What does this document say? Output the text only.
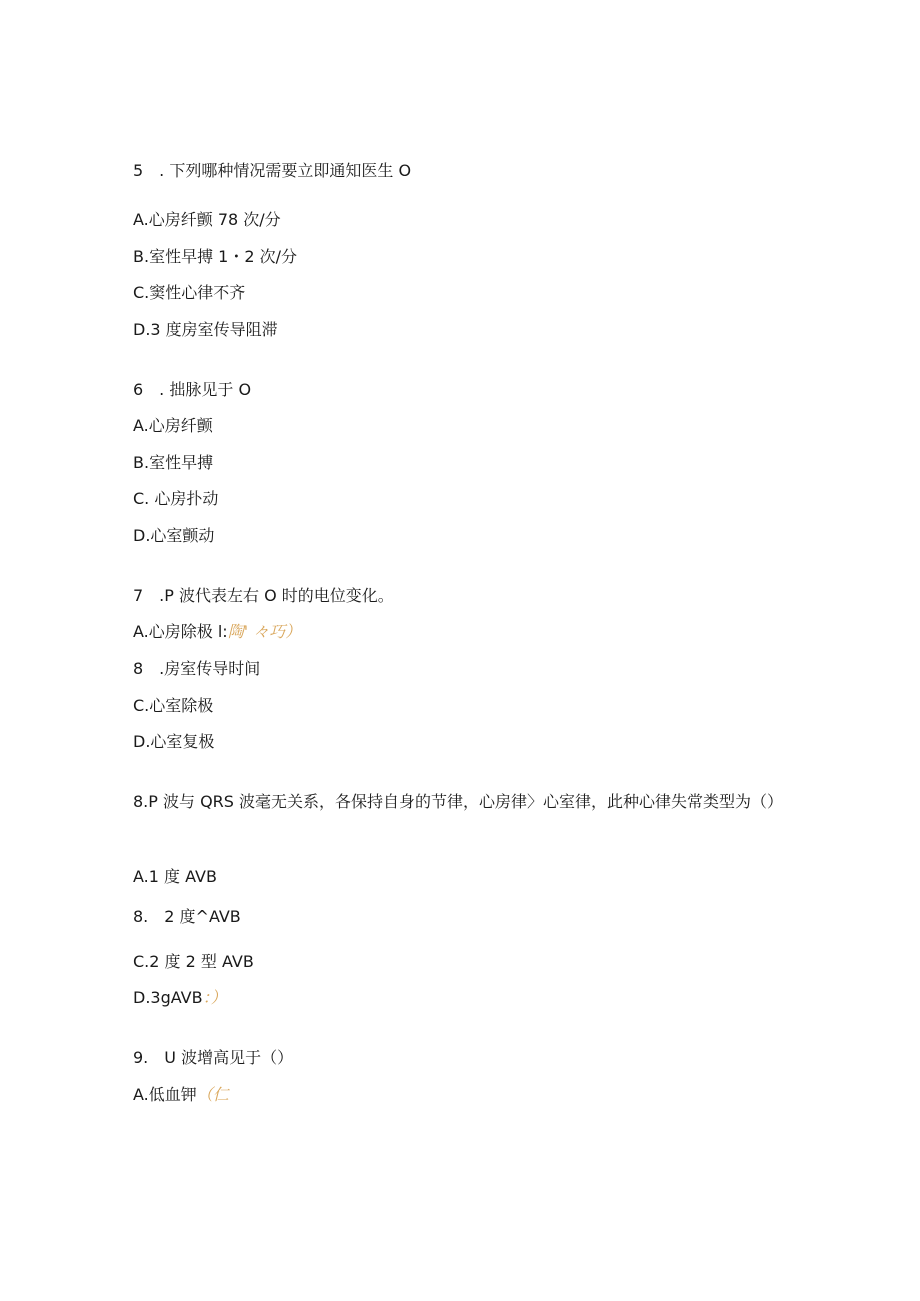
5 . 下列哪种情况需要立即通知医生 O
A.心房纤颤 78 次/分
B.室性早搏 1・2 次/分
C.窦性心律不齐
D.3 度房室传导阻滞
6 . 拙脉见于 O
A.心房纤颤
B.室性早搏
C. 心房扑动
D.心室颤动
7 .P 波代表左右 O 时的电位变化。
A.心房除极 l:陶' 々巧）
8 .房室传导时间
C.心室除极
D.心室复极
8.P 波与 QRS 波毫无关系，各保持自身的节律，心房律〉心室律，此种心律失常类型为（）
A.1 度 AVB
8. 2 度^AVB
C.2 度 2 型 AVB
D.3gAVB：）
9. U 波增高见于（）
A.低血钾（仁
